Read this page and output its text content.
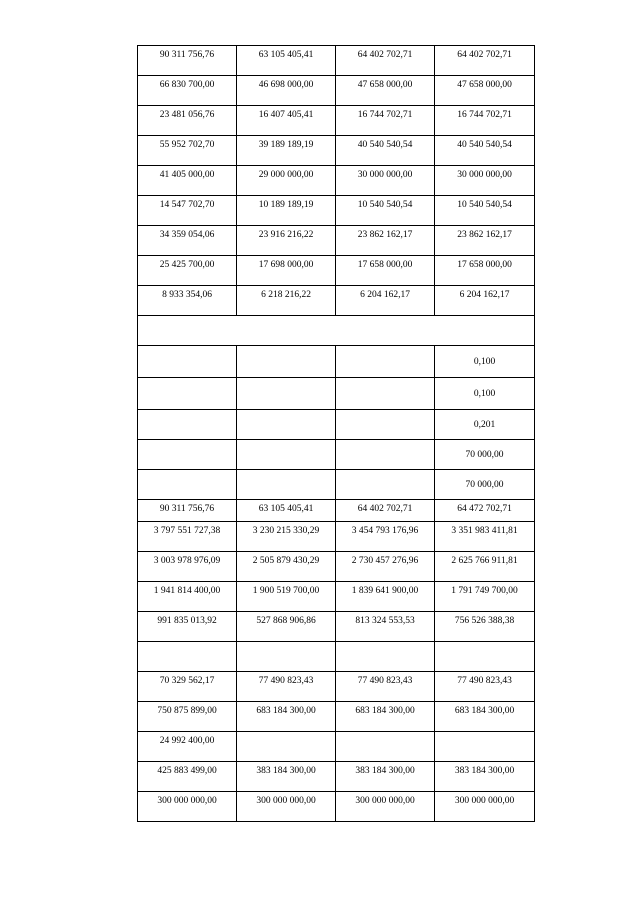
90 311 756,76	63 105 405,41	64 402 702,71	64 402 702,71
66 830 700,00	46 698 000,00	47 658 000,00	47 658 000,00
23 481 056,76	16 407 405,41	16 744 702,71	16 744 702,71
55 952 702,70	39 189 189,19	40 540 540,54	40 540 540,54
41 405 000,00	29 000 000,00	30 000 000,00	30 000 000,00
14 547 702,70	10 189 189,19	10 540 540,54	10 540 540,54
34 359 054,06	23 916 216,22	23 862 162,17	23 862 162,17
25 425 700,00	17 698 000,00	17 658 000,00	17 658 000,00
8 933 354,06	6 218 216,22	6 204 162,17	6 204 162,17

			0,100
			0,100
			0,201
			70 000,00
			70 000,00
90 311 756,76	63 105 405,41	64 402 702,71	64 472 702,71
3 797 551 727,38	3 230 215 330,29	3 454 793 176,96	3 351 983 411,81
3 003 978 976,09	2 505 879 430,29	2 730 457 276,96	2 625 766 911,81
1 941 814 400,00	1 900 519 700,00	1 839 641 900,00	1 791 749 700,00
991 835 013,92	527 868 906,86	813 324 553,53	756 526 388,38

70 329 562,17	77 490 823,43	77 490 823,43	77 490 823,43
750 875 899,00	683 184 300,00	683 184 300,00	683 184 300,00
24 992 400,00			
425 883 499,00	383 184 300,00	383 184 300,00	383 184 300,00
300 000 000,00	300 000 000,00	300 000 000,00	300 000 000,00
